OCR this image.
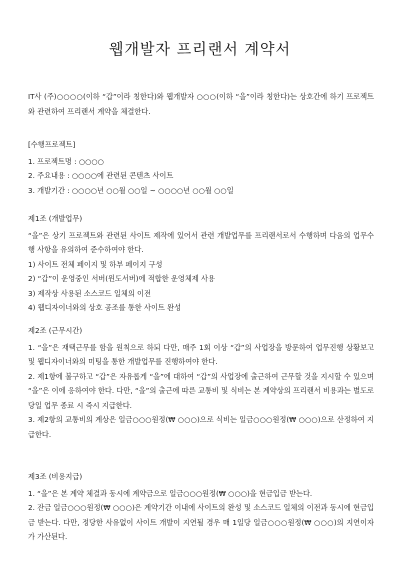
웹개발자 프리랜서 계약서

IT사 (주)○○○○(이하 “갑”이라 칭한다)와 웹개발자 ○○○(이하 “을”이라 칭한다)는 상호간에 하기 프로젝트와 관련하여 프리랜서 계약을 체결한다.

[수행프로젝트]

1. 프로젝트명 : ○○○○

2. 주요내용 : ○○○○에 관련된 콘텐츠 사이트

3. 개발기간 : ○○○○년 ○○월 ○○일 ~ ○○○○년 ○○월 ○○일

제1조 (개발업무)

“을”은 상기 프로젝트와 관련된 사이트 제작에 있어서 관련 개발업무를 프리랜서로서 수행하며 다음의 업무수행 사항을 유의하여 준수하여야 한다.

1) 사이트 전체 페이지 및 하부 페이지 구성

2) “갑”이 운영중인 서버(윈도서버)에 적합한 운영체제 사용

3) 제작상 사용된 소스코드 일체의 이전

4) 웹디자이너와의 상호 공조를 통한 사이트 완성

제2조 (근무시간)

1. “을”은 재택근무를 함을 원칙으로 하되 다만, 매주 1회 이상 “갑”의 사업장을 방문하여 업무진행 상황보고 및 웹디자이너와의 미팅을 통한 개발업무를 진행하여야 한다.

2. 제1항에 불구하고 “갑”은 자유롭게 “을”에 대하여 “갑”의 사업장에 출근하여 근무할 것을 지시할 수 있으며 “을”은 이에 응하여야 한다. 다만, “을”의 출근에 따른 교통비 및 식비는 본 계약상의 프리랜서 비용과는 별도로 당일 업무 종료 시 즉시 지급한다.

3. 제2항의 교통비의 계상은 일금○○○원정(₩ ○○○)으로 식비는 일금○○○원정(₩ ○○○)으로 산정하여 지급한다.

제3조 (비용지급)

1. “을”은 본 계약 체결과 동시에 계약금으로 일금○○○원정(₩ ○○○)을 현금입금 받는다.

2. 잔금 일금○○○원정(₩ ○○○)은 계약기간 이내에 사이트의 완성 및 소스코드 일체의 이전과 동시에 현금입금 받는다. 다만, 정당한 사유없이 사이트 개발이 지연될 경우 매 1일당 일금○○○원정(₩ ○○○)의 지연이자가 가산된다.
